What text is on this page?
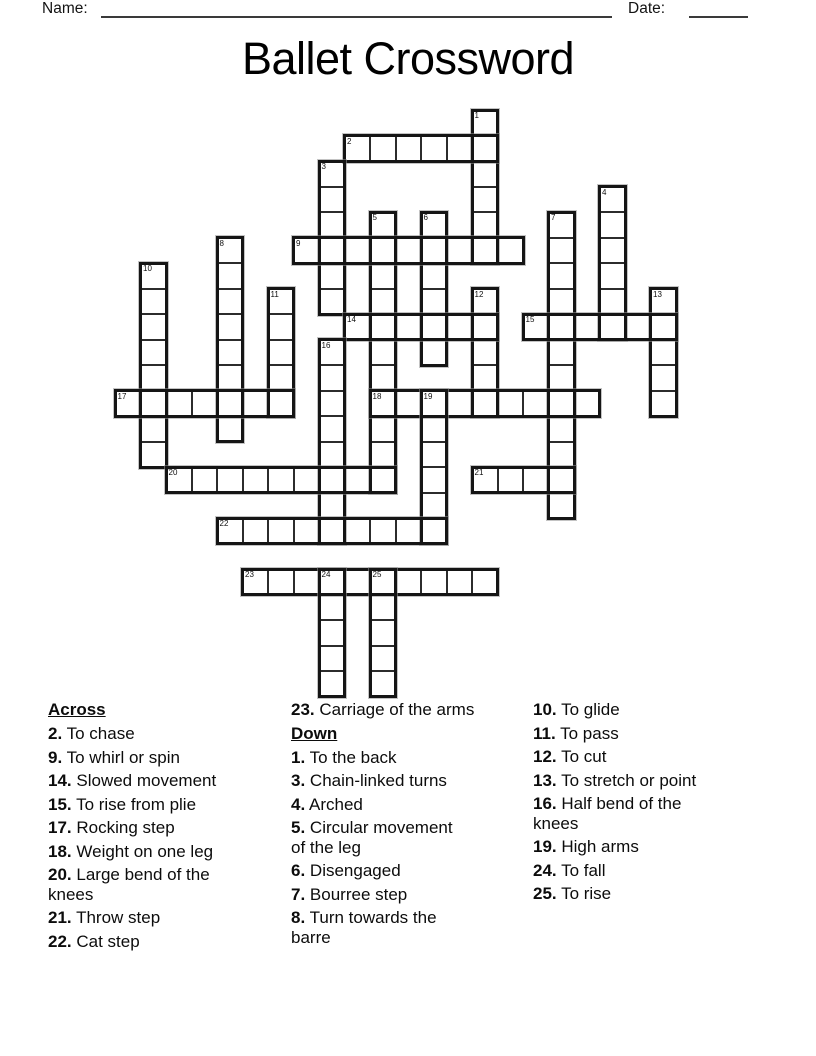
Name:	Date:
Ballet Crossword
1
2
3
4
5	6	7
8	9
10
11	12	13
14	15
16
17	18	19
20	21
22
23	24	25
Across
2. To chase
9. To whirl or spin
14. Slowed movement
15. To rise from plie
17. Rocking step
18. Weight on one leg
20. Large bend of the
knees
21. Throw step
22. Cat step
23. Carriage of the arms
Down
1. To the back
3. Chain-linked turns
4. Arched
5. Circular movement
of the leg
6. Disengaged
7. Bourree step
8. Turn towards the
barre
10. To glide
11. To pass
12. To cut
13. To stretch or point
16. Half bend of the
knees
19. High arms
24. To fall
25. To rise
